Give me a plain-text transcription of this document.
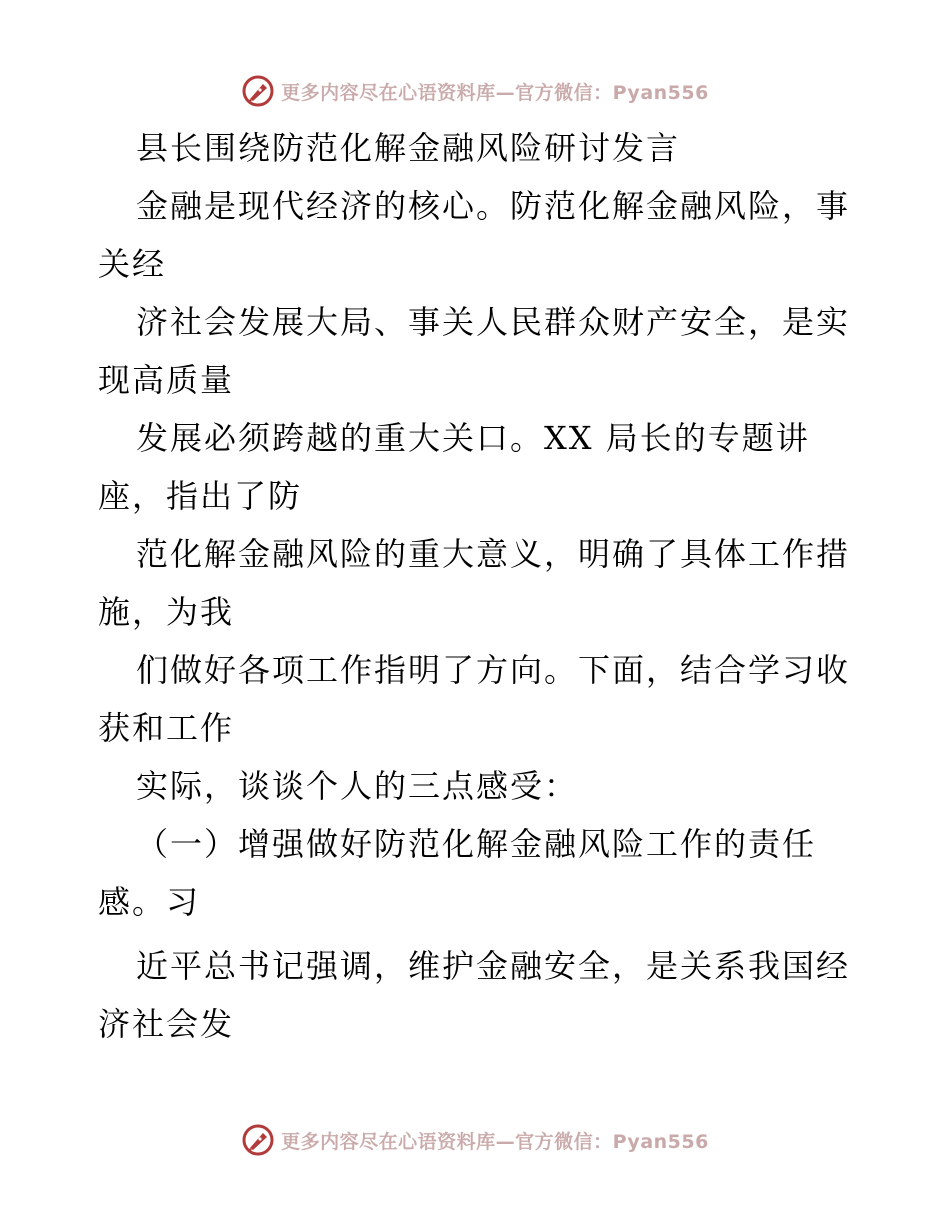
更多内容尽在心语资料库—官方微信：Pyan556
县长围绕防范化解金融风险研讨发言
金融是现代经济的核心。防范化解金融风险，事
关经
济社会发展大局、事关人民群众财产安全，是实
现高质量
发展必须跨越的重大关口。XX 局长的专题讲
座，指出了防
范化解金融风险的重大意义，明确了具体工作措
施，为我
们做好各项工作指明了方向。下面，结合学习收
获和工作
实际，谈谈个人的三点感受：
（一）增强做好防范化解金融风险工作的责任
感。习
近平总书记强调，维护金融安全，是关系我国经
济社会发
更多内容尽在心语资料库—官方微信：Pyan556
